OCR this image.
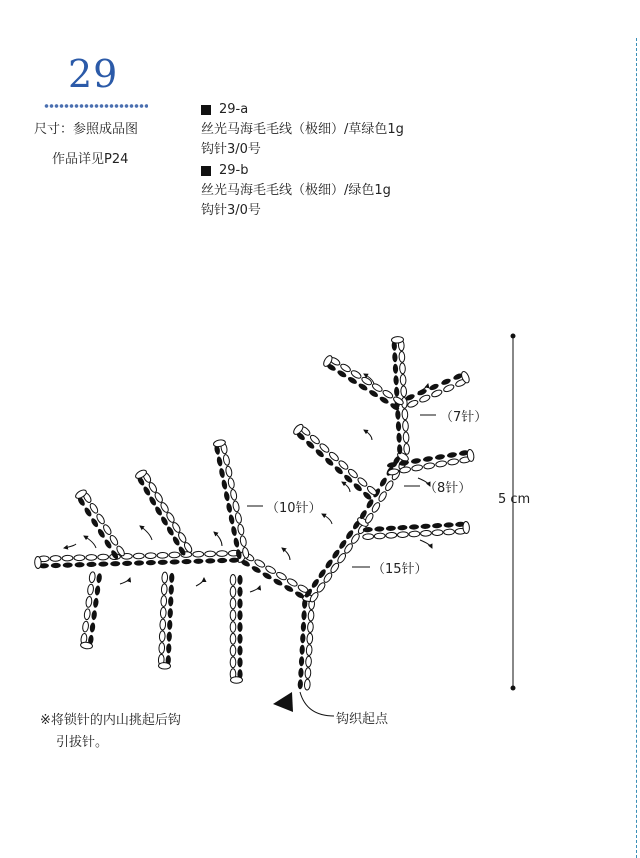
29
尺寸：参照成品图
作品详见P24
29-a
丝光马海毛毛线（极细）/草绿色1g
钩针3/0号
29-b
丝光马海毛毛线（极细）/绿色1g
钩针3/0号
（7针）
（8针）
（10针）
（15针）
5 cm
钩织起点
※将锁针的内山挑起后钩
引拔针。
